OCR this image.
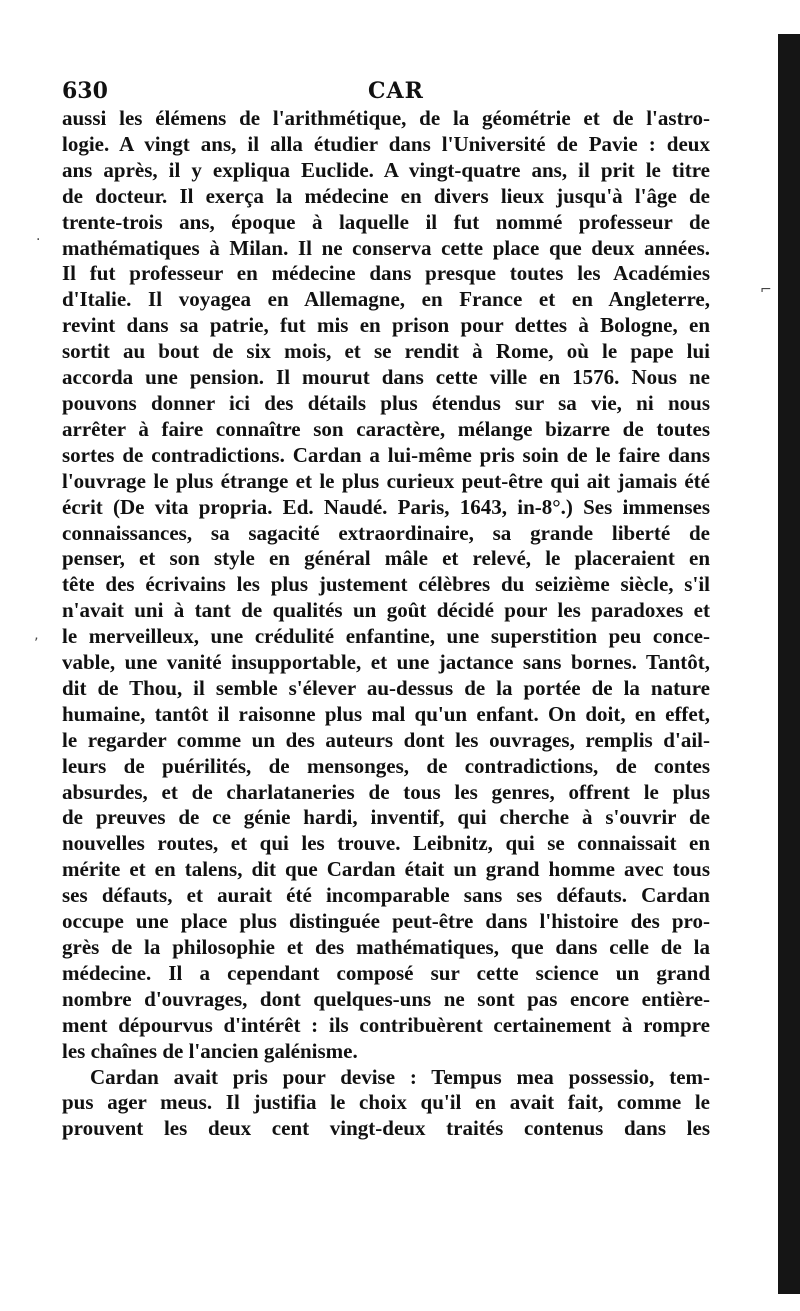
630	CAR
aussi les élémens de l'arithmétique, de la géométrie et de l'astro-
logie. A vingt ans, il alla étudier dans l'Université de Pavie : deux
ans après, il y expliqua Euclide. A vingt-quatre ans, il prit le titre
de docteur. Il exerça la médecine en divers lieux jusqu'à l'âge de
trente-trois ans, époque à laquelle il fut nommé professeur de
mathématiques à Milan. Il ne conserva cette place que deux années.
Il fut professeur en médecine dans presque toutes les Académies
d'Italie. Il voyagea en Allemagne, en France et en Angleterre,
revint dans sa patrie, fut mis en prison pour dettes à Bologne, en
sortit au bout de six mois, et se rendit à Rome, où le pape lui
accorda une pension. Il mourut dans cette ville en 1576. Nous ne
pouvons donner ici des détails plus étendus sur sa vie, ni nous
arrêter à faire connaître son caractère, mélange bizarre de toutes
sortes de contradictions. Cardan a lui-même pris soin de le faire dans
l'ouvrage le plus étrange et le plus curieux peut-être qui ait jamais été
écrit (De vita propria. Ed. Naudé. Paris, 1643, in-8°.) Ses immenses
connaissances, sa sagacité extraordinaire, sa grande liberté de
penser, et son style en général mâle et relevé, le placeraient en
tête des écrivains les plus justement célèbres du seizième siècle, s'il
n'avait uni à tant de qualités un goût décidé pour les paradoxes et
le merveilleux, une crédulité enfantine, une superstition peu conce-
vable, une vanité insupportable, et une jactance sans bornes. Tantôt,
dit de Thou, il semble s'élever au-dessus de la portée de la nature
humaine, tantôt il raisonne plus mal qu'un enfant. On doit, en effet,
le regarder comme un des auteurs dont les ouvrages, remplis d'ail-
leurs de puérilités, de mensonges, de contradictions, de contes
absurdes, et de charlataneries de tous les genres, offrent le plus
de preuves de ce génie hardi, inventif, qui cherche à s'ouvrir de
nouvelles routes, et qui les trouve. Leibnitz, qui se connaissait en
mérite et en talens, dit que Cardan était un grand homme avec tous
ses défauts, et aurait été incomparable sans ses défauts. Cardan
occupe une place plus distinguée peut-être dans l'histoire des pro-
grès de la philosophie et des mathématiques, que dans celle de la
médecine. Il a cependant composé sur cette science un grand
nombre d'ouvrages, dont quelques-uns ne sont pas encore entière-
ment dépourvus d'intérêt : ils contribuèrent certainement à rompre
les chaînes de l'ancien galénisme.
Cardan avait pris pour devise : Tempus mea possessio, tem-
pus ager meus. Il justifia le choix qu'il en avait fait, comme le
prouvent les deux cent vingt-deux traités contenus dans les
·
’
⌐
